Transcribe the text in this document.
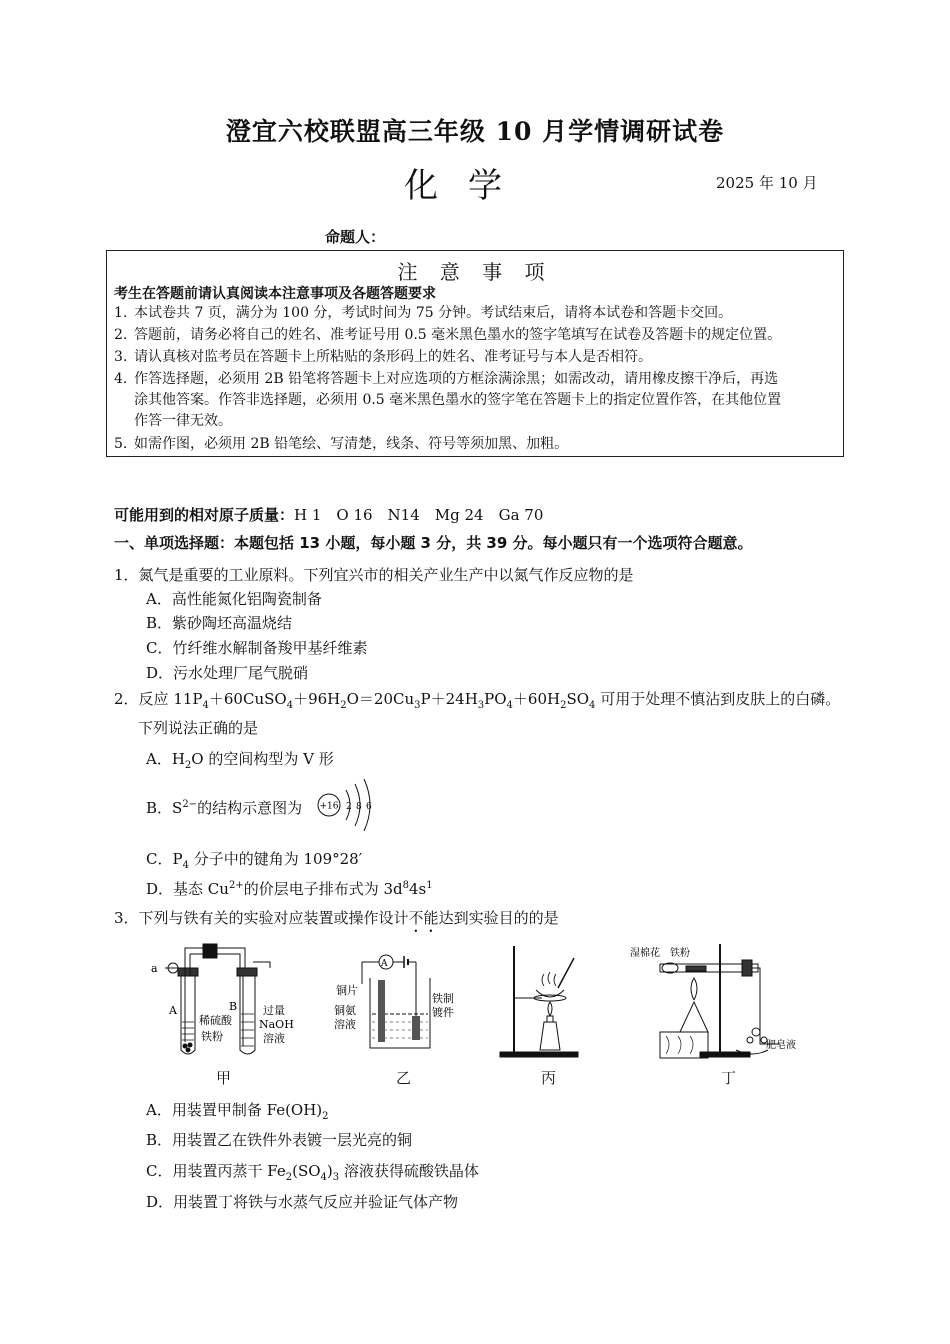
澄宜六校联盟高三年级 10 月学情调研试卷
化学	2025 年 10 月
命题人：
注 意 事 项
考生在答题前请认真阅读本注意事项及各题答题要求
1. 本试卷共 7 页，满分为 100 分，考试时间为 75 分钟。考试结束后，请将本试卷和答题卡交回。
2. 答题前，请务必将自己的姓名、准考证号用 0.5 毫米黑色墨水的签字笔填写在试卷及答题卡的规定位置。
3. 请认真核对监考员在答题卡上所粘贴的条形码上的姓名、准考证号与本人是否相符。
4. 作答选择题，必须用 2B 铅笔将答题卡上对应选项的方框涂满涂黑；如需改动，请用橡皮擦干净后，再选
涂其他答案。作答非选择题，必须用 0.5 毫米黑色墨水的签字笔在答题卡上的指定位置作答，在其他位置
作答一律无效。
5. 如需作图，必须用 2B 铅笔绘、写清楚，线条、符号等须加黑、加粗。
可能用到的相对原子质量：H 1　O 16　N14　Mg 24　Ga 70
一、单项选择题：本题包括 13 小题，每小题 3 分，共 39 分。每小题只有一个选项符合题意。
1．氮气是重要的工业原料。下列宜兴市的相关产业生产中以氮气作反应物的是
A．高性能氮化铝陶瓷制备
B．紫砂陶坯高温烧结
C．竹纤维水解制备羧甲基纤维素
D．污水处理厂尾气脱硝
2．反应 $11P_4+60CuSO_4+96H_2O=20Cu_3P+24H_3PO_4+60H_2SO_4$ 可用于处理不慎沾到皮肤上的白磷。
下列说法正确的是
A．$H_2O$ 的空间构型为 V 形
B．$S^{2-}$的结构示意图为 +16 2 8 6
C．$P_4$ 分子中的键角为 109°28′
D．基态 $Cu^{2+}$的价层电子排布式为 $3d^84s^1$
3．下列与铁有关的实验对应装置或操作设计不能达到实验目的的是
a
A	B
稀硫酸
铁粉
过量
NaOH
溶液
A
铜片
铜氨
溶液
铁制
镀件
湿棉花 铁粉
肥皂液
甲	乙	丙	丁
A．用装置甲制备 $Fe(OH)_2$
B．用装置乙在铁件外表镀一层光亮的铜
C．用装置丙蒸干 $Fe_2(SO_4)_3$ 溶液获得硫酸铁晶体
D．用装置丁将铁与水蒸气反应并验证气体产物
